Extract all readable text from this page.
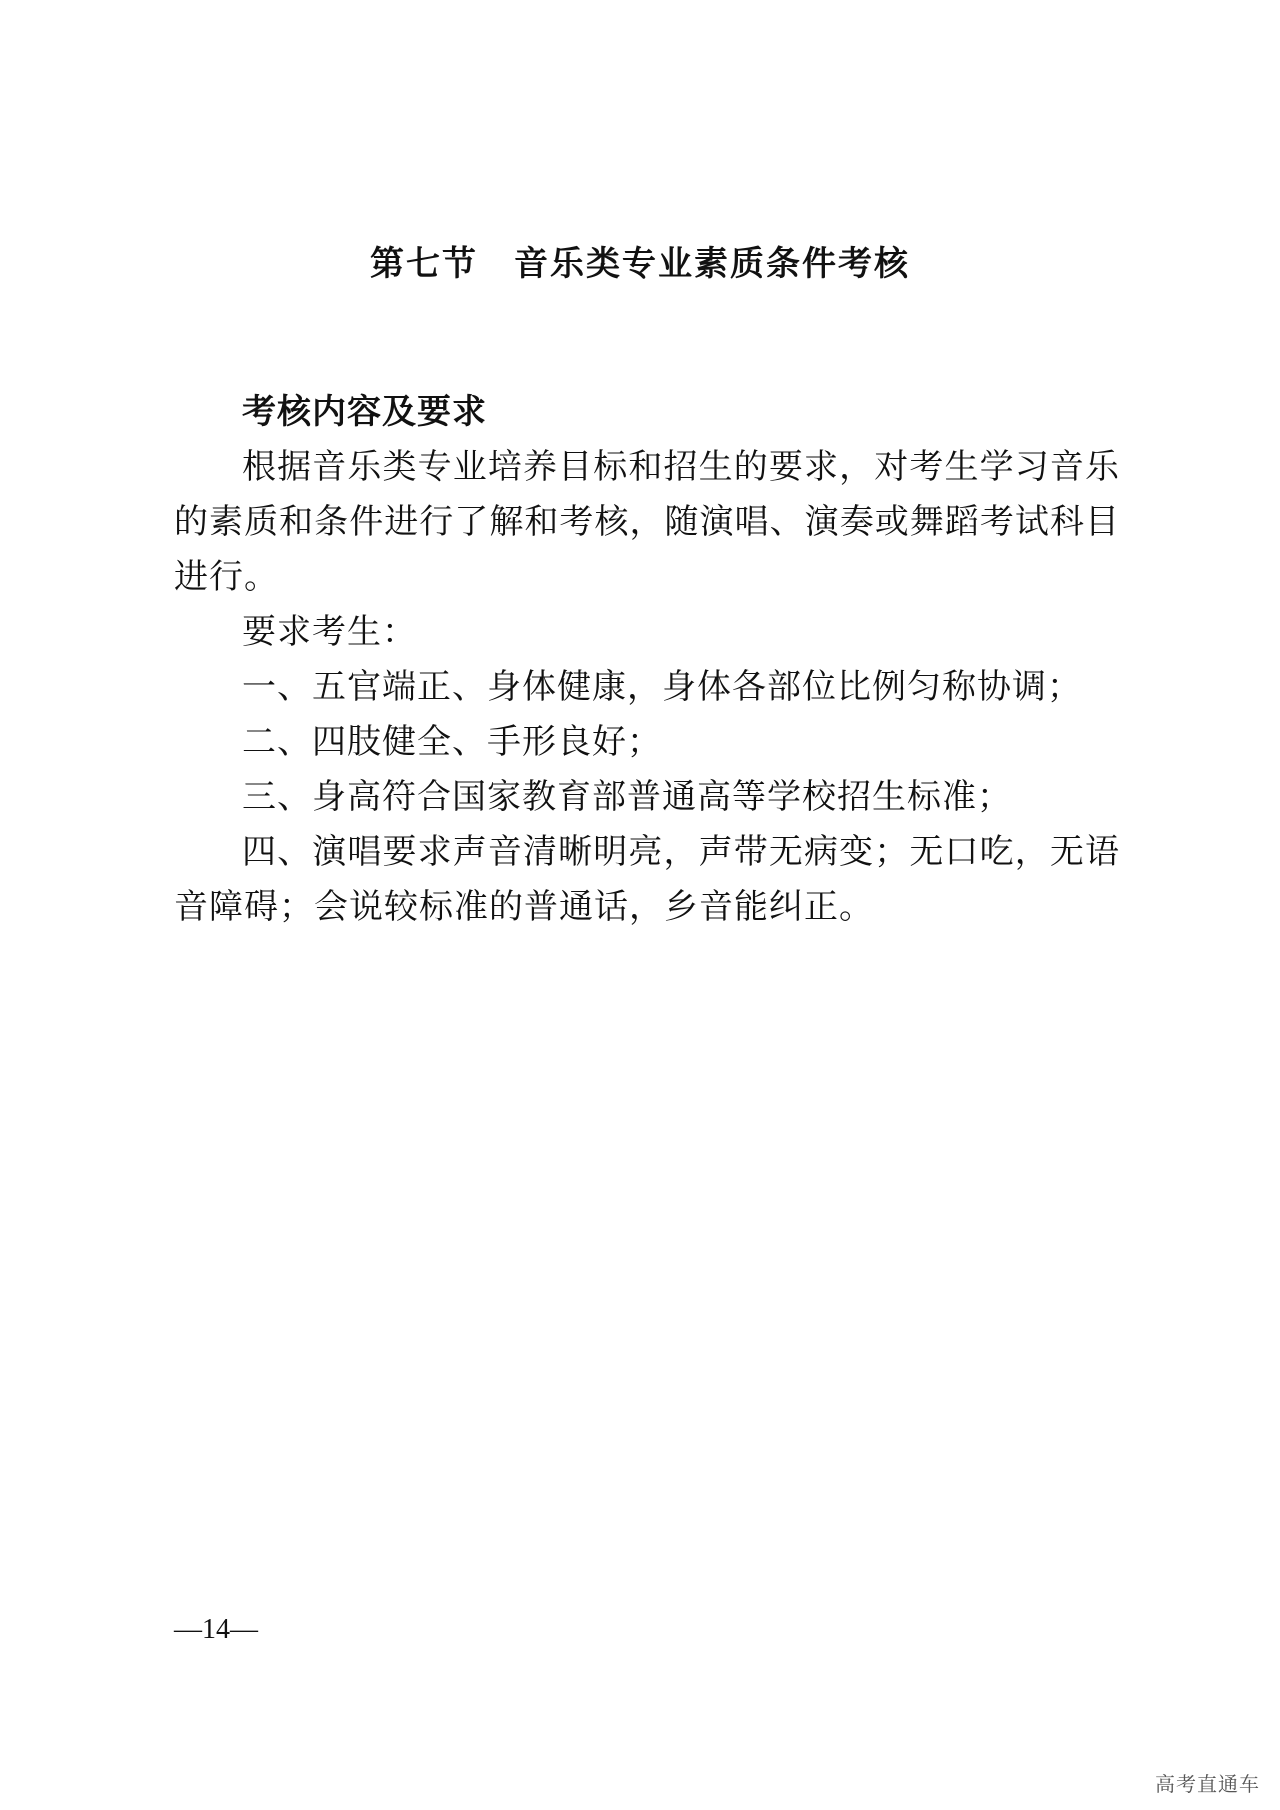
第七节　音乐类专业素质条件考核

考核内容及要求

根据音乐类专业培养目标和招生的要求，对考生学习音乐的素质和条件进行了解和考核，随演唱、演奏或舞蹈考试科目进行。

要求考生：

一、五官端正、身体健康，身体各部位比例匀称协调；

二、四肢健全、手形良好；

三、身高符合国家教育部普通高等学校招生标准；

四、演唱要求声音清晰明亮，声带无病变；无口吃，无语音障碍；会说较标准的普通话，乡音能纠正。

—14—
高考直通车
